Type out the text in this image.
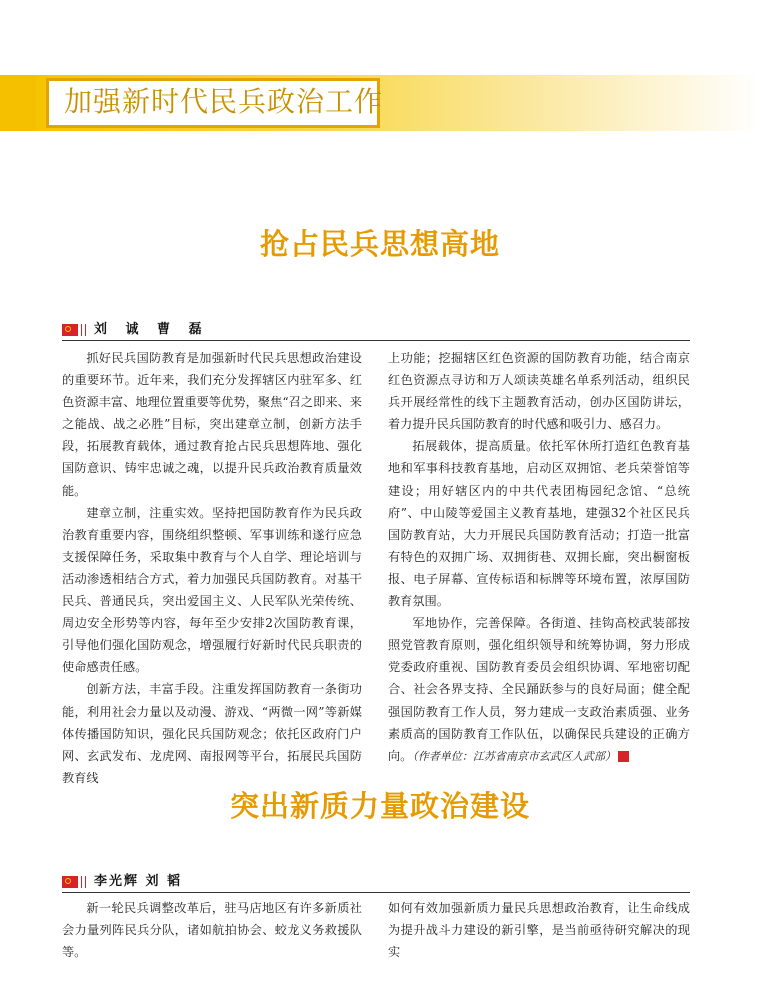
加强新时代民兵政治工作
抢占民兵思想高地
刘 诚 曹 磊

抓好民兵国防教育是加强新时代民兵思想政治建设的重要环节。近年来，我们充分发挥辖区内驻军多、红色资源丰富、地理位置重要等优势，聚焦“召之即来、来之能战、战之必胜”目标，突出建章立制，创新方法手段，拓展教育载体，通过教育抢占民兵思想阵地、强化国防意识、铸牢忠诚之魂，以提升民兵政治教育质量效能。

建章立制，注重实效。坚持把国防教育作为民兵政治教育重要内容，围绕组织整顿、军事训练和遂行应急支援保障任务，采取集中教育与个人自学、理论培训与活动渗透相结合方式，着力加强民兵国防教育。对基干民兵、普通民兵，突出爱国主义、人民军队光荣传统、周边安全形势等内容，每年至少安排2次国防教育课，引导他们强化国防观念，增强履行好新时代民兵职责的使命感责任感。

创新方法，丰富手段。注重发挥国防教育一条街功能，利用社会力量以及动漫、游戏、“两微一网”等新媒体传播国防知识，强化民兵国防观念；依托区政府门户网、玄武发布、龙虎网、南报网等平台，拓展民兵国防教育线

上功能；挖掘辖区红色资源的国防教育功能，结合南京红色资源点寻访和万人颂读英雄名单系列活动，组织民兵开展经常性的线下主题教育活动，创办区国防讲坛，着力提升民兵国防教育的时代感和吸引力、感召力。

拓展载体，提高质量。依托军休所打造红色教育基地和军事科技教育基地，启动区双拥馆、老兵荣誉馆等建设；用好辖区内的中共代表团梅园纪念馆、“总统府”、中山陵等爱国主义教育基地，建强32个社区民兵国防教育站，大力开展民兵国防教育活动；打造一批富有特色的双拥广场、双拥街巷、双拥长廊，突出橱窗板报、电子屏幕、宣传标语和标牌等环境布置，浓厚国防教育氛围。

军地协作，完善保障。各街道、挂钩高校武装部按照党管教育原则，强化组织领导和统筹协调，努力形成党委政府重视、国防教育委员会组织协调、军地密切配合、社会各界支持、全民踊跃参与的良好局面；健全配强国防教育工作人员，努力建成一支政治素质强、业务素质高的国防教育工作队伍，以确保民兵建设的正确方向。（作者单位：江苏省南京市玄武区人武部）	G

突出新质力量政治建设
李光辉 刘 韬

新一轮民兵调整改革后，驻马店地区有许多新质社会力量列阵民兵分队，诸如航拍协会、蛟龙义务救援队等。

如何有效加强新质力量民兵思想政治教育，让生命线成为提升战斗力建设的新引擎，是当前亟待研究解决的现实
